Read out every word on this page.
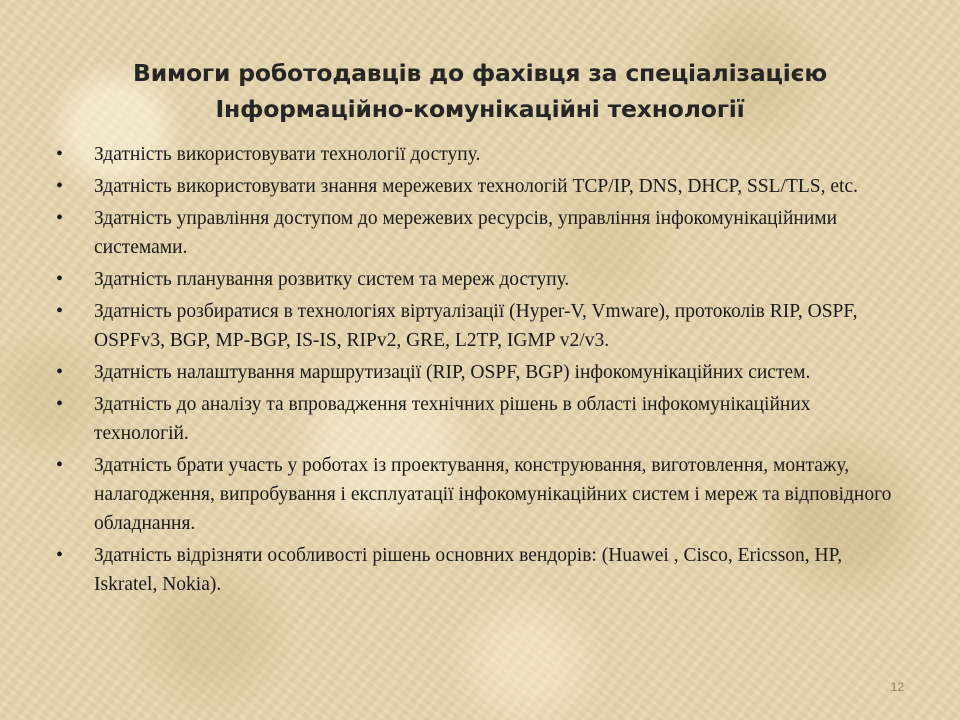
Вимоги роботодавців до фахівця за спеціалізацією
Інформаційно-комунікаційні технології
• Здатність використовувати технології доступу.
• Здатність використовувати знання мережевих технологій TCP/IP, DNS, DHCP, SSL/TLS, etc.
• Здатність управління доступом до мережевих ресурсів, управління інфокомунікаційними системами.
• Здатність планування розвитку систем та мереж доступу.
• Здатність розбиратися в технологіях віртуалізації (Hyper-V, Vmware), протоколів RIP, OSPF, OSPFv3, BGP, MP-BGP, IS-IS, RIPv2, GRE, L2TP, IGMP v2/v3.
• Здатність налаштування маршрутизації (RIP, OSPF, BGP) інфокомунікаційних систем.
• Здатність до аналізу та впровадження технічних рішень в області інфокомунікаційних технологій.
• Здатність брати участь у роботах із проектування, конструювання, виготовлення, монтажу, налагодження, випробування і експлуатації інфокомунікаційних систем і мереж та відповідного обладнання.
• Здатність відрізняти особливості рішень основних вендорів: (Huawei , Cisco, Ericsson, HP, Iskratel, Nokia).
12
